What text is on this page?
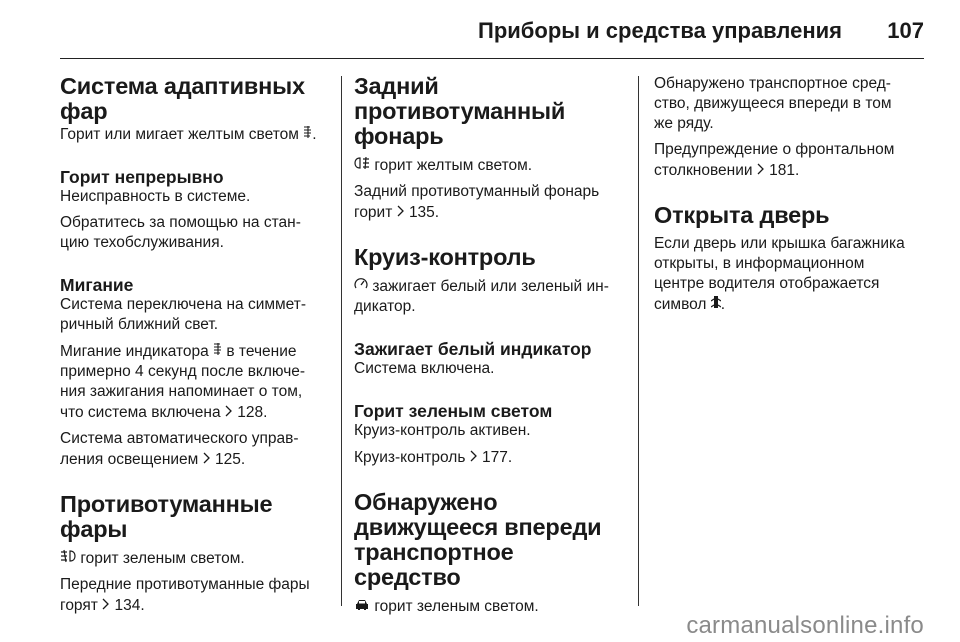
Приборы и средства управления 107
Система адаптивных
фар
Горит или мигает желтым светом .
Горит непрерывно
Неисправность в системе.
Обратитесь за помощью на стан-
цию техобслуживания.
Мигание
Система переключена на симмет-
ричный ближний свет.
Мигание индикатора в течение
примерно 4 секунд после включе-
ния зажигания напоминает о том,
что система включена 128.
Система автоматического управ-
ления освещением 125.
Противотуманные фары
горит зеленым светом.
Передние противотуманные фары
горят 134.
Задний
противотуманный
фонарь
горит желтым светом.
Задний противотуманный фонарь
горит 135.
Круиз-контроль
зажигает белый или зеленый ин-
дикатор.
Зажигает белый индикатор
Система включена.
Горит зеленым светом
Круиз-контроль активен.
Круиз-контроль 177.
Обнаружено
движущееся впереди
транспортное средство
горит зеленым светом.
Обнаружено транспортное сред-
ство, движущееся впереди в том
же ряду.
Предупреждение о фронтальном
столкновении 181.
Открыта дверь
Если дверь или крышка багажника
открыты, в информационном
центре водителя отображается
символ .
carmanualsonline.info
